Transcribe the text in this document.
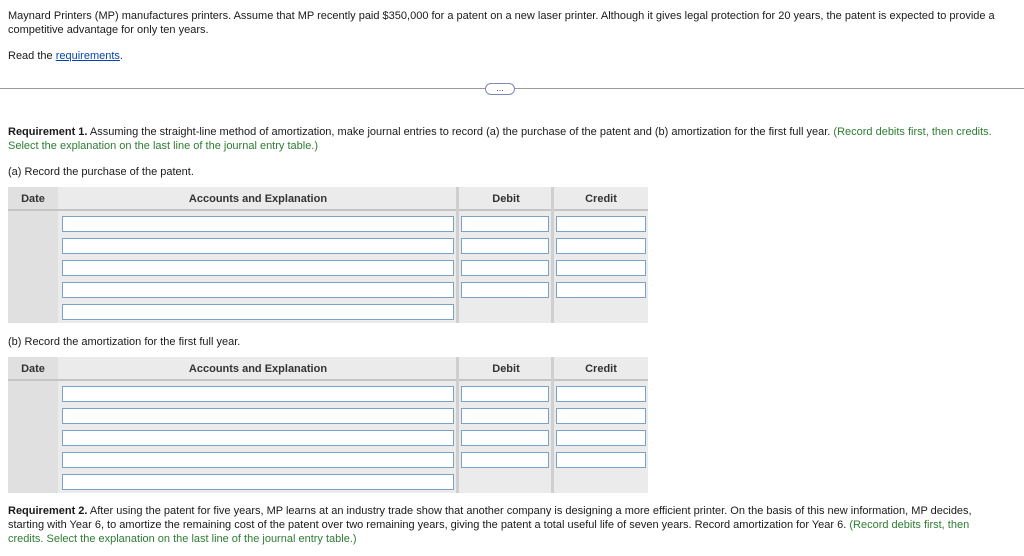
Maynard Printers (MP) manufactures printers. Assume that MP recently paid $350,000 for a patent on a new laser printer. Although it gives legal protection for 20 years, the patent is expected to provide a competitive advantage for only ten years.
Read the requirements.
...
Requirement 1. Assuming the straight-line method of amortization, make journal entries to record (a) the purchase of the patent and (b) amortization for the first full year. (Record debits first, then credits. Select the explanation on the last line of the journal entry table.)
(a) Record the purchase of the patent.
Date	Accounts and Explanation	Debit	Credit
(b) Record the amortization for the first full year.
Date	Accounts and Explanation	Debit	Credit
Requirement 2. After using the patent for five years, MP learns at an industry trade show that another company is designing a more efficient printer. On the basis of this new information, MP decides, starting with Year 6, to amortize the remaining cost of the patent over two remaining years, giving the patent a total useful life of seven years. Record amortization for Year 6. (Record debits first, then credits. Select the explanation on the last line of the journal entry table.)
